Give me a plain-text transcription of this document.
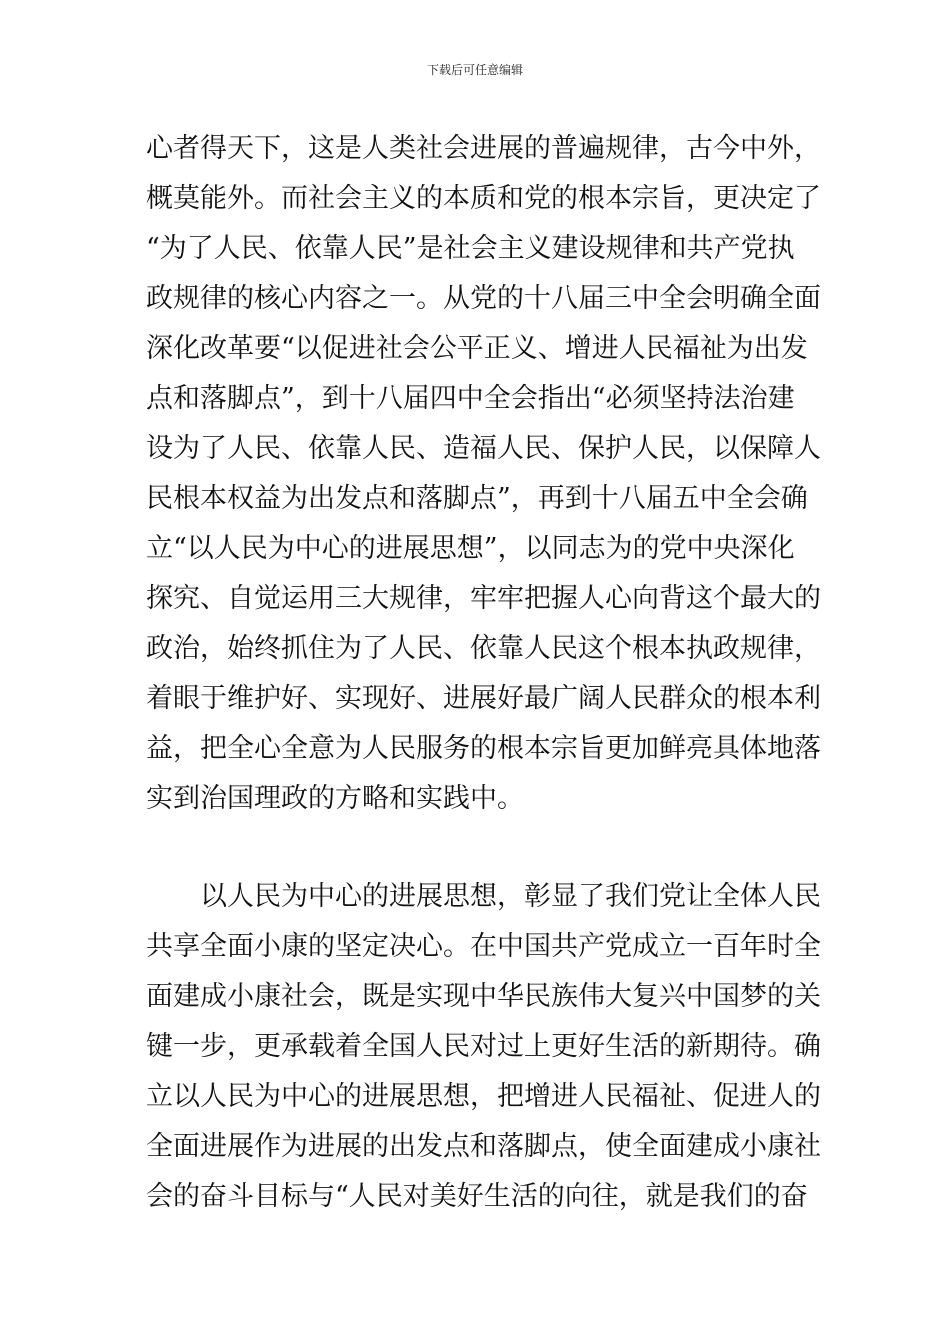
下载后可任意编辑
心者得天下，这是人类社会进展的普遍规律，古今中外，
概莫能外。而社会主义的本质和党的根本宗旨，更决定了
“为了人民、依靠人民”是社会主义建设规律和共产党执
政规律的核心内容之一。从党的十八届三中全会明确全面
深化改革要“以促进社会公平正义、增进人民福祉为出发
点和落脚点”，到十八届四中全会指出“必须坚持法治建
设为了人民、依靠人民、造福人民、保护人民，以保障人
民根本权益为出发点和落脚点”，再到十八届五中全会确
立“以人民为中心的进展思想”，以同志为的党中央深化
探究、自觉运用三大规律，牢牢把握人心向背这个最大的
政治，始终抓住为了人民、依靠人民这个根本执政规律，
着眼于维护好、实现好、进展好最广阔人民群众的根本利
益，把全心全意为人民服务的根本宗旨更加鲜亮具体地落
实到治国理政的方略和实践中。
　　以人民为中心的进展思想，彰显了我们党让全体人民
共享全面小康的坚定决心。在中国共产党成立一百年时全
面建成小康社会，既是实现中华民族伟大复兴中国梦的关
键一步，更承载着全国人民对过上更好生活的新期待。确
立以人民为中心的进展思想，把增进人民福祉、促进人的
全面进展作为进展的出发点和落脚点，使全面建成小康社
会的奋斗目标与“人民对美好生活的向往，就是我们的奋
